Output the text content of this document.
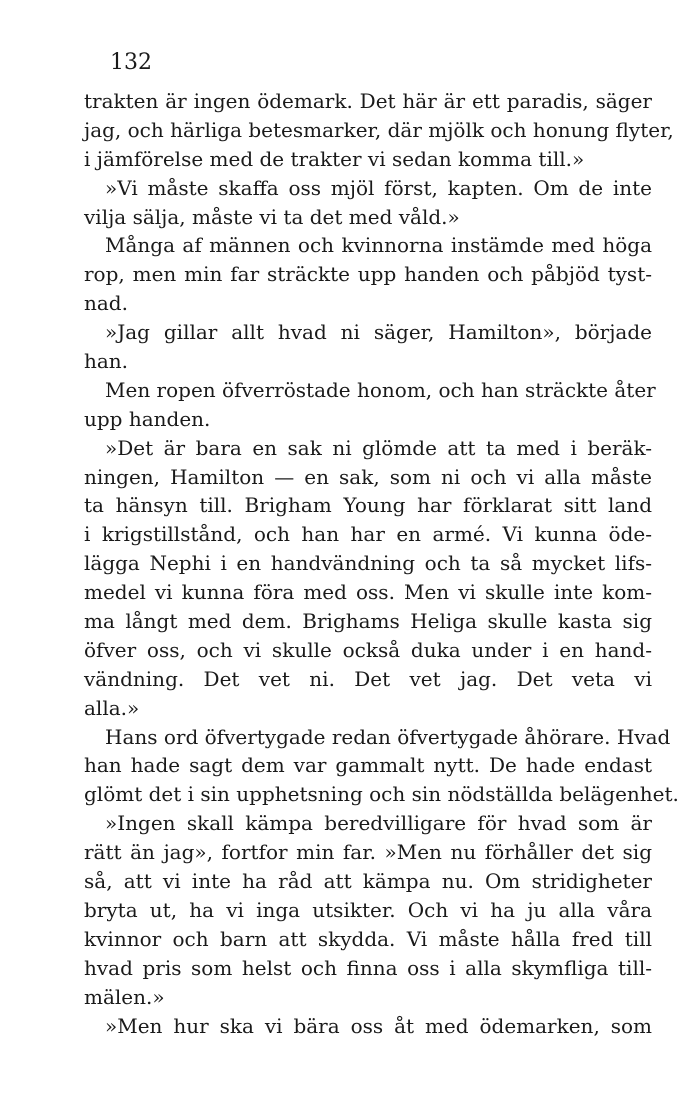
132
trakten är ingen ödemark. Det här är ett paradis, säger
jag, och härliga betesmarker, där mjölk och honung flyter,
i jämförelse med de trakter vi sedan komma till.»
»Vi måste skaffa oss mjöl först, kapten. Om de inte
vilja sälja, måste vi ta det med våld.»
Många af männen och kvinnorna instämde med höga
rop, men min far sträckte upp handen och påbjöd tyst-
nad.
»Jag gillar allt hvad ni säger, Hamilton», började
han.
Men ropen öfverröstade honom, och han sträckte åter
upp handen.
»Det är bara en sak ni glömde att ta med i beräk-
ningen, Hamilton — en sak, som ni och vi alla måste
ta hänsyn till. Brigham Young har förklarat sitt land
i krigstillstånd, och han har en armé. Vi kunna öde-
lägga Nephi i en handvändning och ta så mycket lifs-
medel vi kunna föra med oss. Men vi skulle inte kom-
ma långt med dem. Brighams Heliga skulle kasta sig
öfver oss, och vi skulle också duka under i en hand-
vändning. Det vet ni. Det vet jag. Det veta vi
alla.»
Hans ord öfvertygade redan öfvertygade åhörare. Hvad
han hade sagt dem var gammalt nytt. De hade endast
glömt det i sin upphetsning och sin nödställda belägenhet.
»Ingen skall kämpa beredvilligare för hvad som är
rätt än jag», fortfor min far. »Men nu förhåller det sig
så, att vi inte ha råd att kämpa nu. Om stridigheter
bryta ut, ha vi inga utsikter. Och vi ha ju alla våra
kvinnor och barn att skydda. Vi måste hålla fred till
hvad pris som helst och finna oss i alla skymfliga till-
mälen.»
»Men hur ska vi bära oss åt med ödemarken, som
